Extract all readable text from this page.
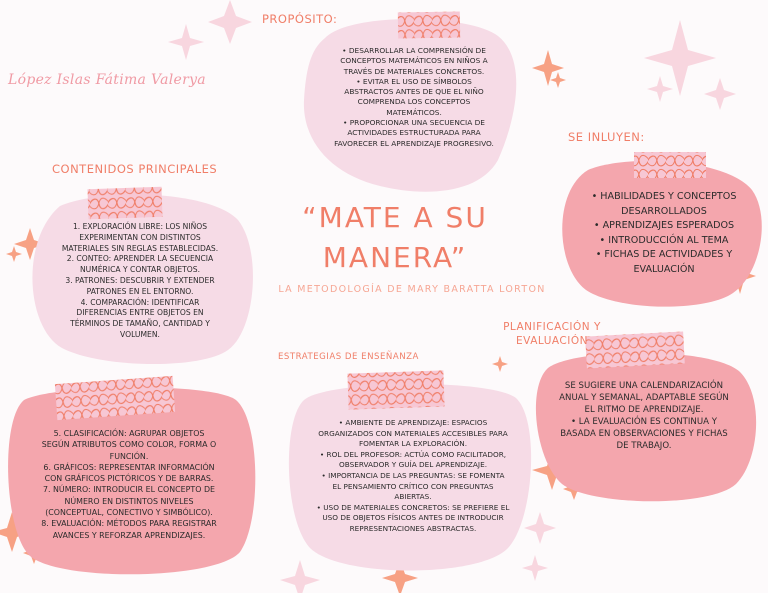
López Islas Fátima Valerya
PROPÓSITO:
• DESARROLLAR LA COMPRENSIÓN DE
CONCEPTOS MATEMÁTICOS EN NIÑOS A
TRAVÉS DE MATERIALES CONCRETOS.
• EVITAR EL USO DE SÍMBOLOS
ABSTRACTOS ANTES DE QUE EL NIÑO
COMPRENDA LOS CONCEPTOS
MATEMÁTICOS.
• PROPORCIONAR UNA SECUENCIA DE
ACTIVIDADES ESTRUCTURADA PARA
FAVORECER EL APRENDIZAJE PROGRESIVO.
CONTENIDOS PRINCIPALES
1. EXPLORACIÓN LIBRE: LOS NIÑOS
EXPERIMENTAN CON DISTINTOS
MATERIALES SIN REGLAS ESTABLECIDAS.
2. CONTEO: APRENDER LA SECUENCIA
NUMÉRICA Y CONTAR OBJETOS.
3. PATRONES: DESCUBRIR Y EXTENDER
PATRONES EN EL ENTORNO.
4. COMPARACIÓN: IDENTIFICAR
DIFERENCIAS ENTRE OBJETOS EN
TÉRMINOS DE TAMAÑO, CANTIDAD Y
VOLUMEN.
“MATE A SU
MANERA”
LA METODOLOGÍA DE MARY BARATTA LORTON
SE INLUYEN:
• HABILIDADES Y CONCEPTOS
DESARROLLADOS
• APRENDIZAJES ESPERADOS
• INTRODUCCIÓN AL TEMA
• FICHAS DE ACTIVIDADES Y
EVALUACIÓN
PLANIFICACIÓN Y
EVALUACIÓN
SE SUGIERE UNA CALENDARIZACIÓN
ANUAL Y SEMANAL, ADAPTABLE SEGÚN
EL RITMO DE APRENDIZAJE.
• LA EVALUACIÓN ES CONTINUA Y
BASADA EN OBSERVACIONES Y FICHAS
DE TRABAJO.
ESTRATEGIAS DE ENSEÑANZA
• AMBIENTE DE APRENDIZAJE: ESPACIOS
ORGANIZADOS CON MATERIALES ACCESIBLES PARA
FOMENTAR LA EXPLORACIÓN.
• ROL DEL PROFESOR: ACTÚA COMO FACILITADOR,
OBSERVADOR Y GUÍA DEL APRENDIZAJE.
• IMPORTANCIA DE LAS PREGUNTAS: SE FOMENTA
EL PENSAMIENTO CRÍTICO CON PREGUNTAS
ABIERTAS.
• USO DE MATERIALES CONCRETOS: SE PREFIERE EL
USO DE OBJETOS FÍSICOS ANTES DE INTRODUCIR
REPRESENTACIONES ABSTRACTAS.
5. CLASIFICACIÓN: AGRUPAR OBJETOS
SEGÚN ATRIBUTOS COMO COLOR, FORMA O
FUNCIÓN.
6. GRÁFICOS: REPRESENTAR INFORMACIÓN
CON GRÁFICOS PICTÓRICOS Y DE BARRAS.
7. NÚMERO: INTRODUCIR EL CONCEPTO DE
NÚMERO EN DISTINTOS NIVELES
(CONCEPTUAL, CONECTIVO Y SIMBÓLICO).
8. EVALUACIÓN: MÉTODOS PARA REGISTRAR
AVANCES Y REFORZAR APRENDIZAJES.
